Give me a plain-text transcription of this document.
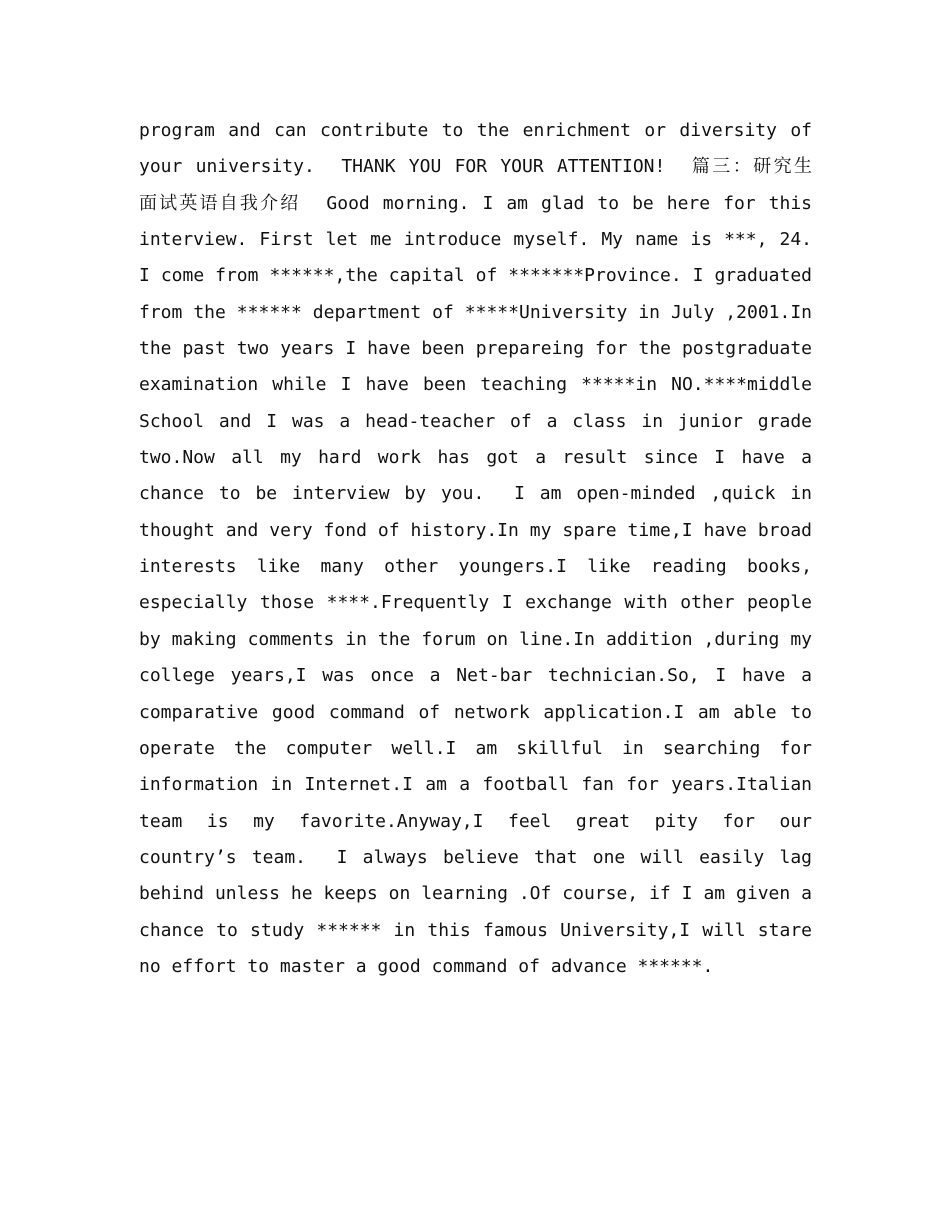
program and can contribute to the enrichment or diversity of
your university.  THANK YOU FOR YOUR ATTENTION!  篇三：研究生
面试英语自我介绍  Good morning. I am glad to be here for this
interview. First let me introduce myself. My name is ***, 24.
I come from ******,the capital of *******Province. I graduated
from the ****** department of *****University in July ,2001.In
the past two years I have been prepareing for the postgraduate
examination while I have been teaching *****in NO.****middle
School and I was a head-teacher of a class in junior grade
two.Now all my hard work has got a result since I have a
chance to be interview by you.  I am open-minded ,quick in
thought and very fond of history.In my spare time,I have broad
interests like many other youngers.I like reading books,
especially those ****.Frequently I exchange with other people
by making comments in the forum on line.In addition ,during my
college years,I was once a Net-bar technician.So, I have a
comparative good command of network application.I am able to
operate the computer well.I am skillful in searching for
information in Internet.I am a football fan for years.Italian
team is my favorite.Anyway,I feel great pity for our
country’s team.  I always believe that one will easily lag
behind unless he keeps on learning .Of course, if I am given a
chance to study ****** in this famous University,I will stare
no effort to master a good command of advance ******.
